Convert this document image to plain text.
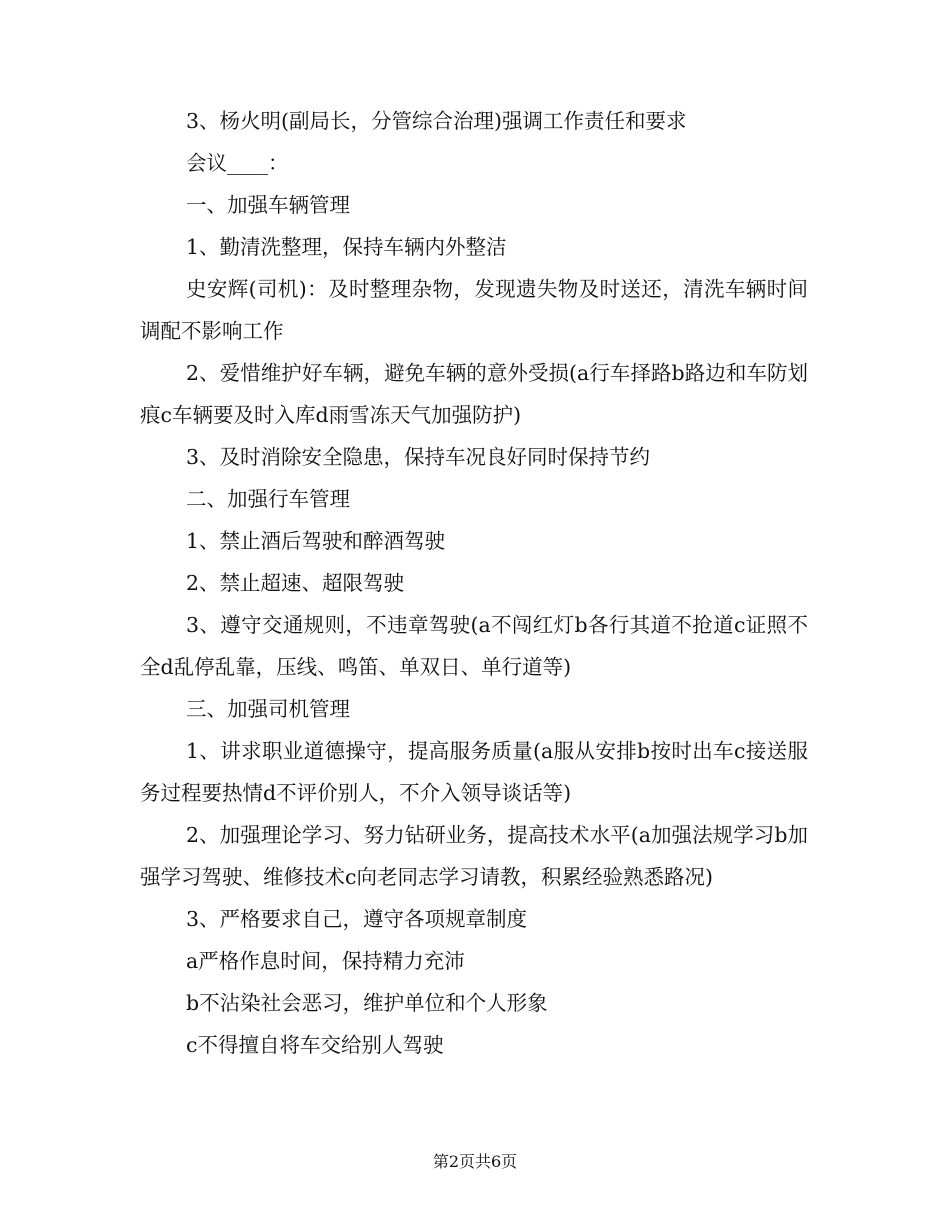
3、杨火明(副局长，分管综合治理)强调工作责任和要求

会议____：

一、加强车辆管理

1、勤清洗整理，保持车辆内外整洁

史安辉(司机)：及时整理杂物，发现遗失物及时送还，清洗车辆时间调配不影响工作

2、爱惜维护好车辆，避免车辆的意外受损(a行车择路b路边和车防划痕c车辆要及时入库d雨雪冻天气加强防护)

3、及时消除安全隐患，保持车况良好同时保持节约

二、加强行车管理

1、禁止酒后驾驶和醉酒驾驶

2、禁止超速、超限驾驶

3、遵守交通规则，不违章驾驶(a不闯红灯b各行其道不抢道c证照不全d乱停乱靠，压线、鸣笛、单双日、单行道等)

三、加强司机管理

1、讲求职业道德操守，提高服务质量(a服从安排b按时出车c接送服务过程要热情d不评价别人，不介入领导谈话等)

2、加强理论学习、努力钻研业务，提高技术水平(a加强法规学习b加强学习驾驶、维修技术c向老同志学习请教，积累经验熟悉路况)

3、严格要求自己，遵守各项规章制度

a严格作息时间，保持精力充沛

b不沾染社会恶习，维护单位和个人形象

c不得擅自将车交给别人驾驶

第2页共6页
